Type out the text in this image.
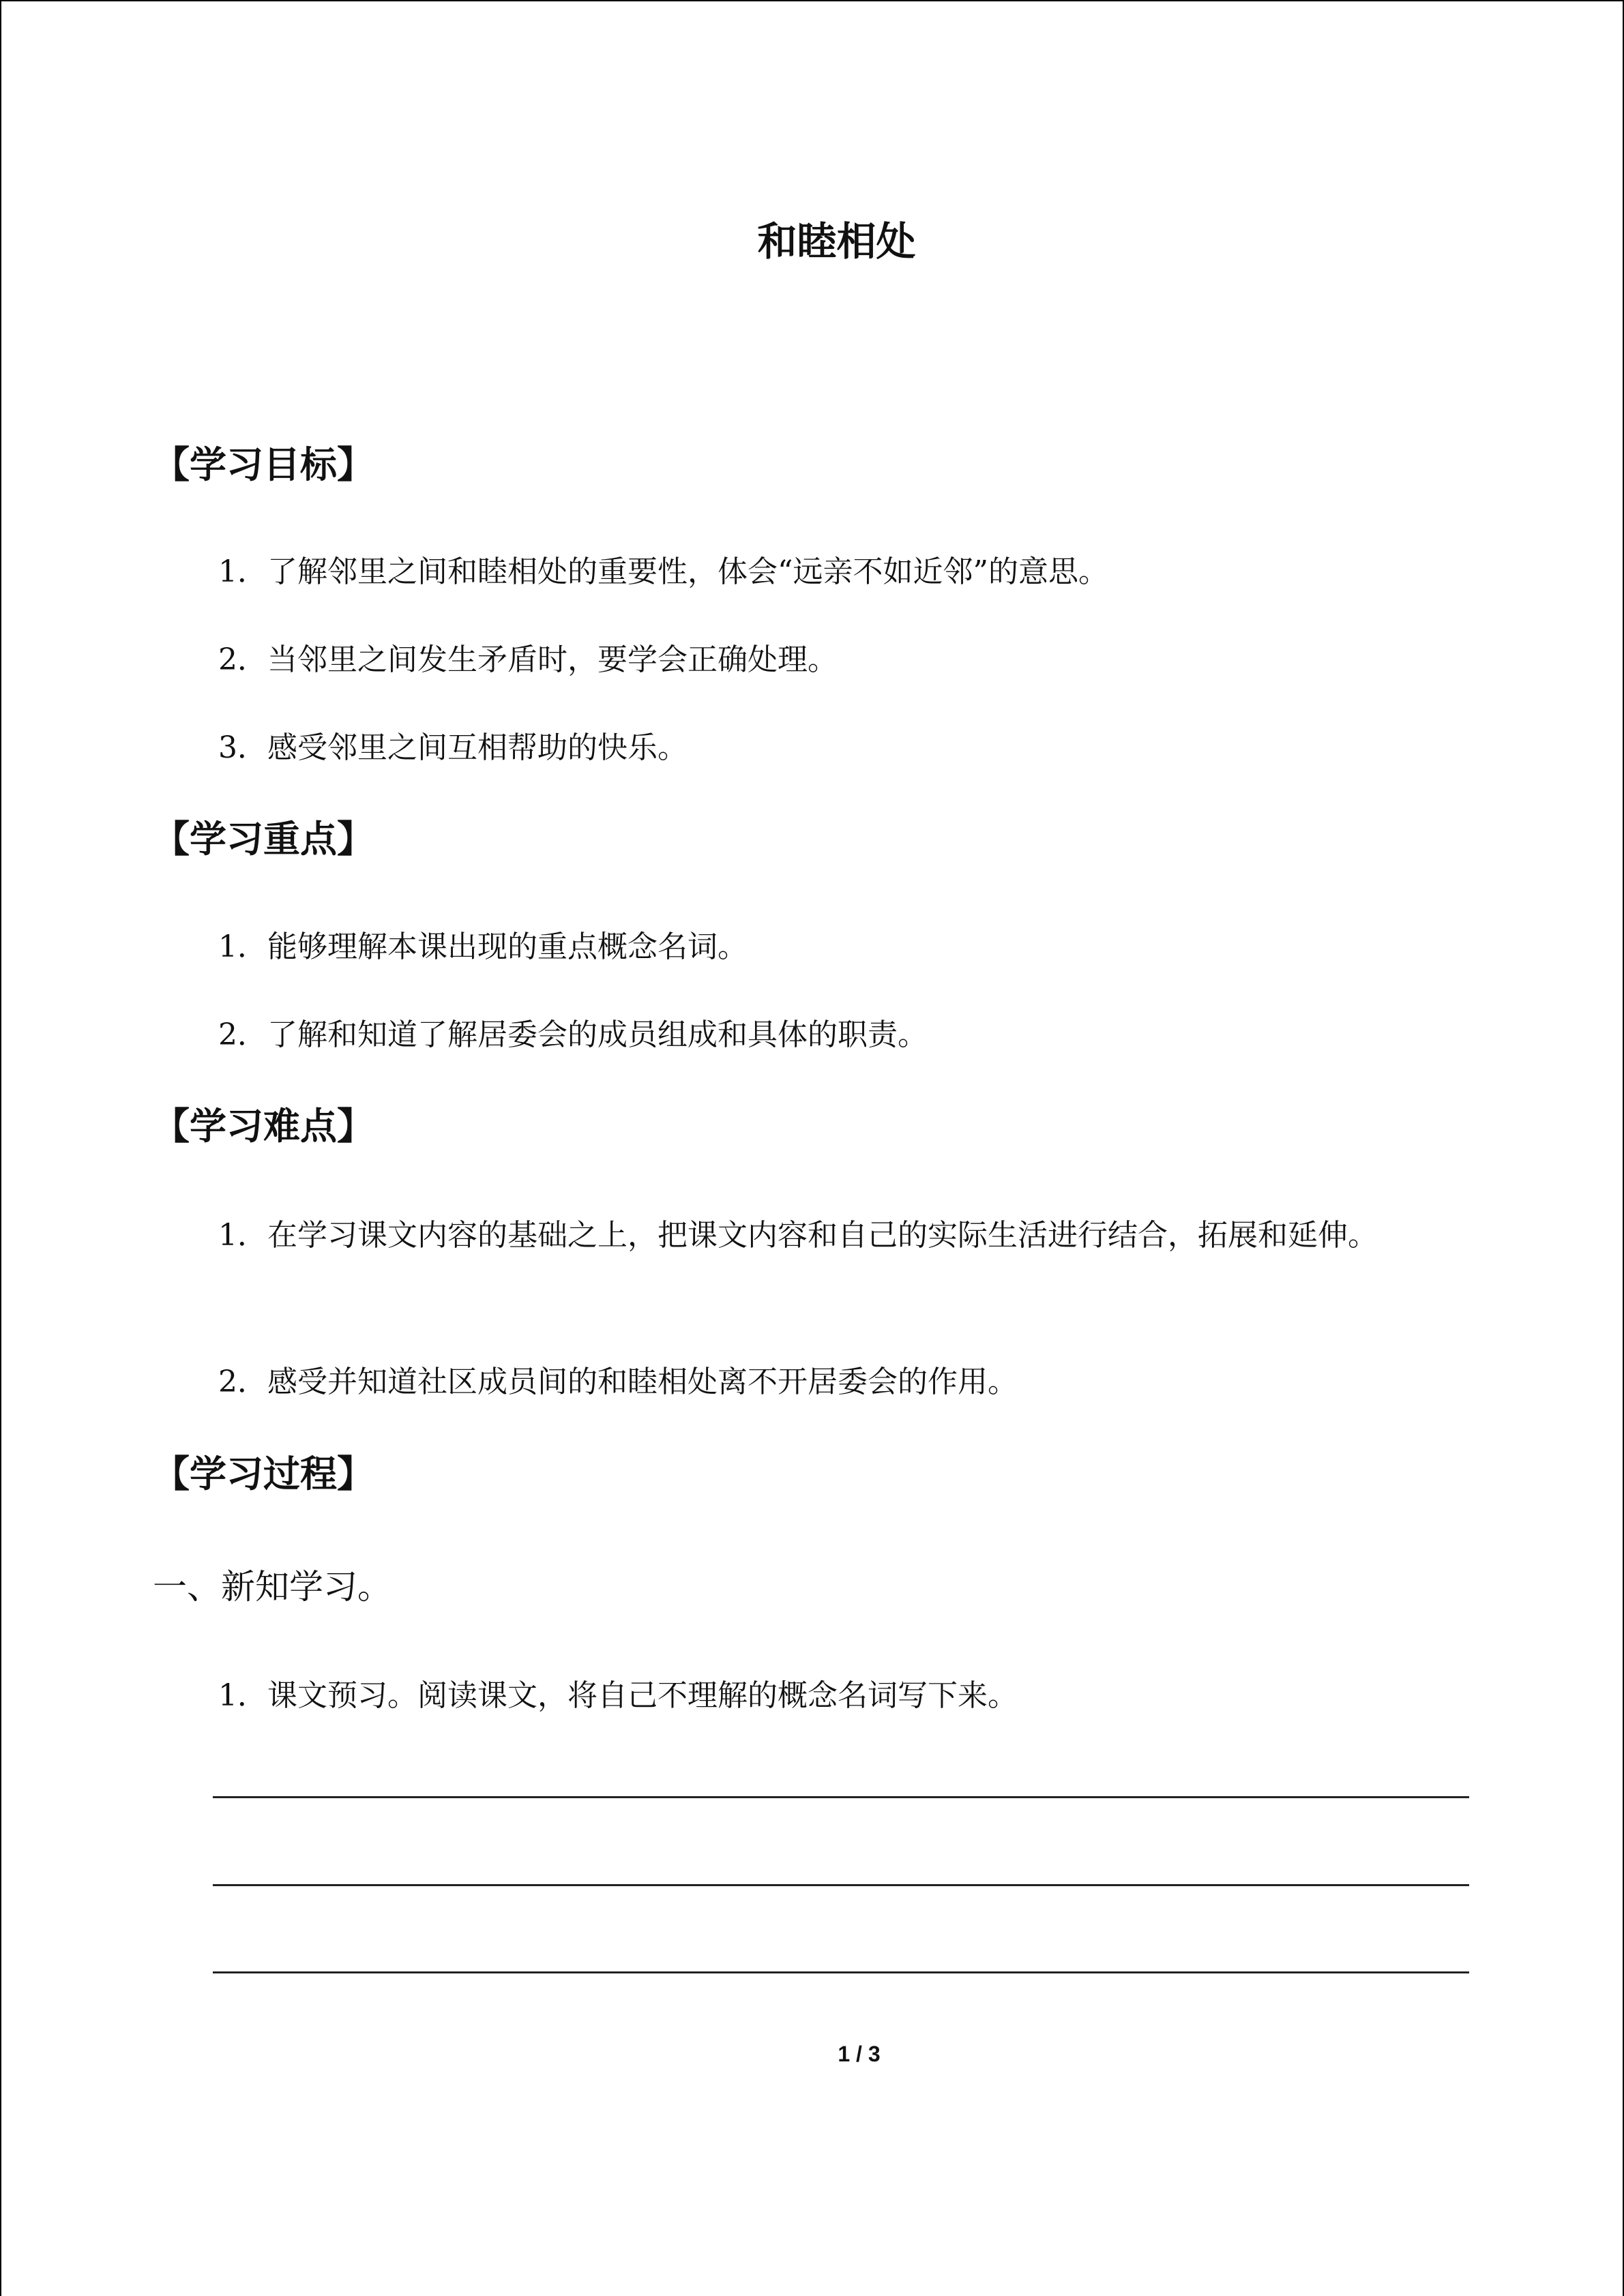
和睦相处
【学习目标】
1．了解邻里之间和睦相处的重要性，体会“远亲不如近邻”的意思。
2．当邻里之间发生矛盾时，要学会正确处理。
3．感受邻里之间互相帮助的快乐。
【学习重点】
1．能够理解本课出现的重点概念名词。
2．了解和知道了解居委会的成员组成和具体的职责。
【学习难点】
1．在学习课文内容的基础之上，把课文内容和自己的实际生活进行结合，拓展和延伸。
2．感受并知道社区成员间的和睦相处离不开居委会的作用。
【学习过程】
一、新知学习。
1．课文预习。阅读课文，将自己不理解的概念名词写下来。
1 / 3
